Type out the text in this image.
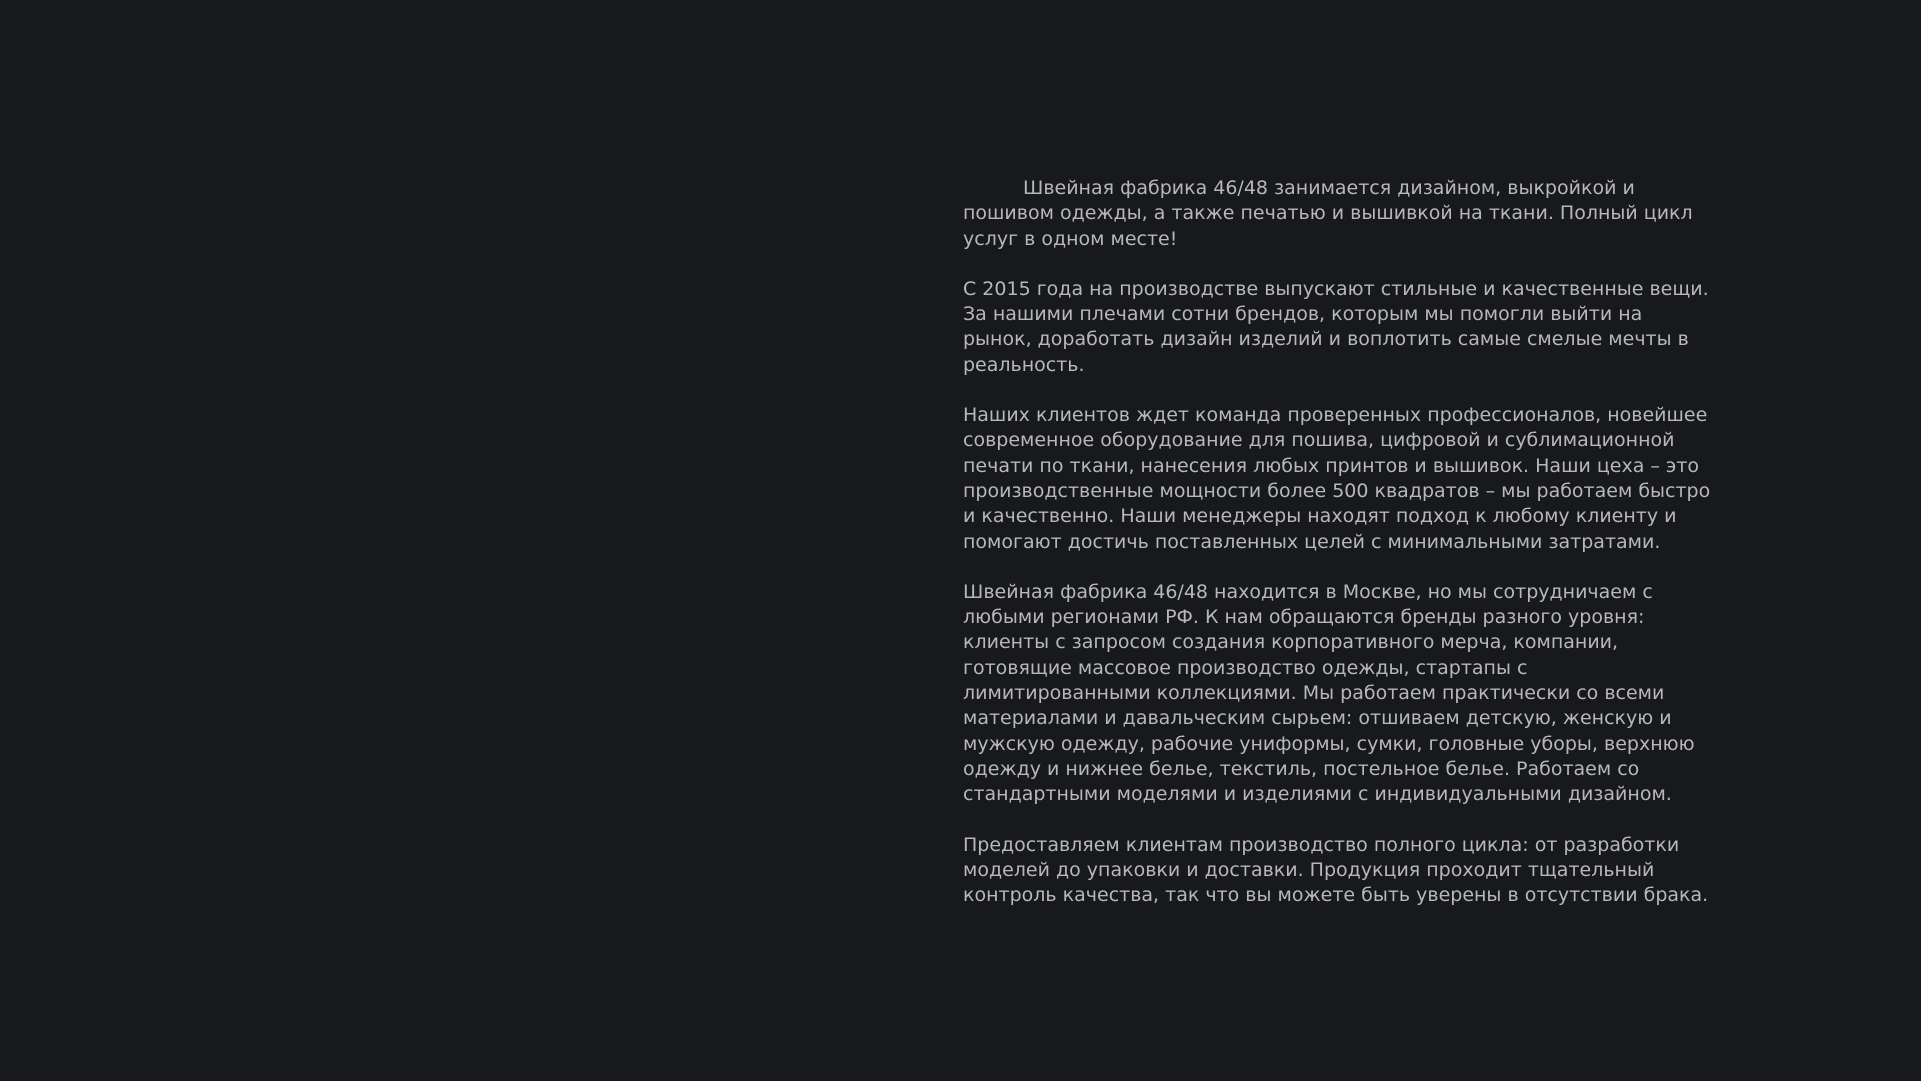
Швейная фабрика 46/48 занимается дизайном, выкройкой и пошивом одежды, а также печатью и вышивкой на ткани. Полный цикл услуг в одном месте!

С 2015 года на производстве выпускают стильные и качественные вещи. За нашими плечами сотни брендов, которым мы помогли выйти на рынок, доработать дизайн изделий и воплотить самые смелые мечты в реальность.

Наших клиентов ждет команда проверенных профессионалов, новейшее современное оборудование для пошива, цифровой и сублимационной печати по ткани, нанесения любых принтов и вышивок. Наши цеха – это производственные мощности более 500 квадратов – мы работаем быстро и качественно. Наши менеджеры находят подход к любому клиенту и помогают достичь поставленных целей с минимальными затратами.

Швейная фабрика 46/48 находится в Москве, но мы сотрудничаем с любыми регионами РФ. К нам обращаются бренды разного уровня: клиенты с запросом создания корпоративного мерча, компании, готовящие массовое производство одежды, стартапы с лимитированными коллекциями. Мы работаем практически со всеми материалами и давальческим сырьем: отшиваем детскую, женскую и мужскую одежду, рабочие униформы, сумки, головные уборы, верхнюю одежду и нижнее белье, текстиль, постельное белье. Работаем со стандартными моделями и изделиями с индивидуальными дизайном.

Предоставляем клиентам производство полного цикла: от разработки моделей до упаковки и доставки. Продукция проходит тщательный контроль качества, так что вы можете быть уверены в отсутствии брака.
